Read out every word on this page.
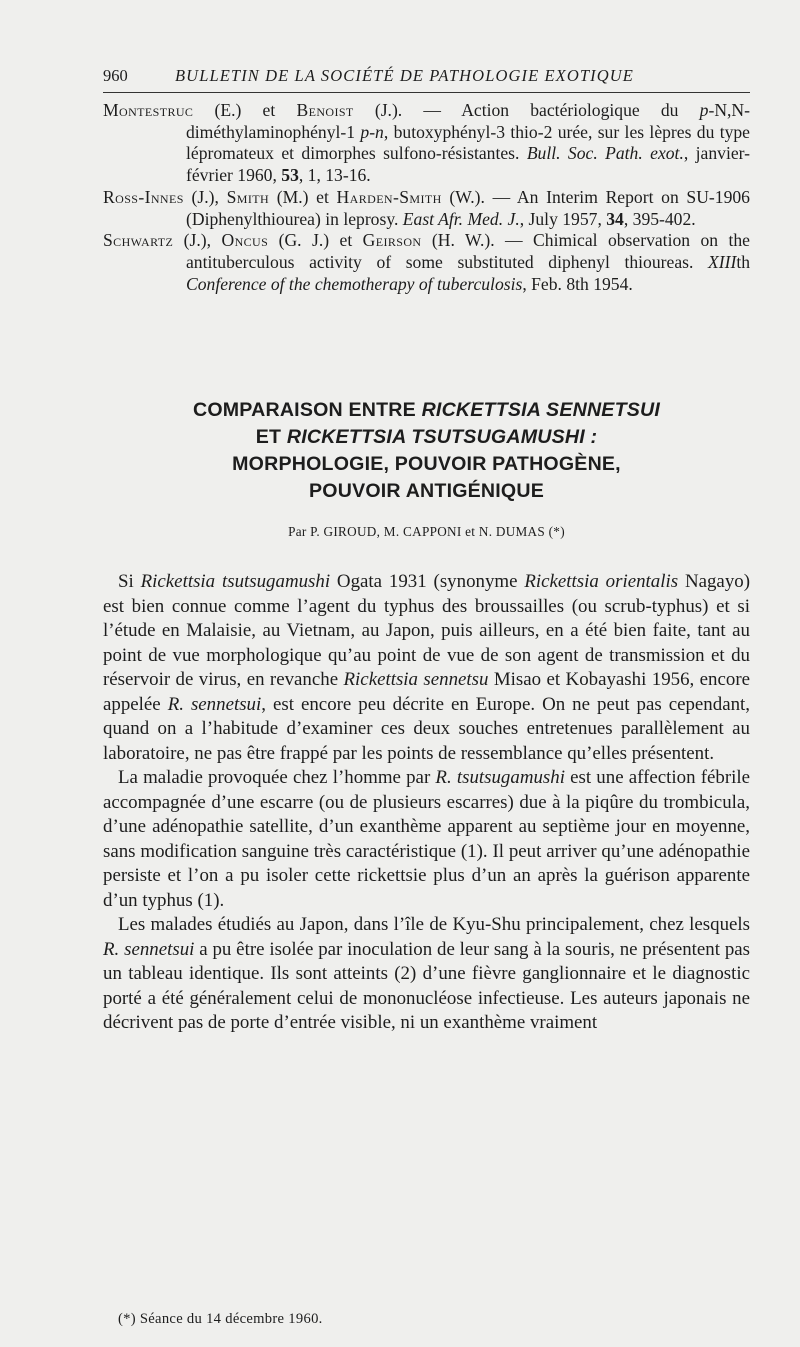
960	BULLETIN DE LA SOCIÉTÉ DE PATHOLOGIE EXOTIQUE

Montestruc (E.) et Benoist (J.). — Action bactériologique du p-N,N-diméthylaminophényl-1 p-n, butoxyphényl-3 thio-2 urée, sur les lèpres du type lépromateux et dimorphes sulfono-résistantes. Bull. Soc. Path. exot., janvier-février 1960, 53, 1, 13-16.

Ross-Innes (J.), Smith (M.) et Harden-Smith (W.). — An Interim Report on SU-1906 (Diphenylthiourea) in leprosy. East Afr. Med. J., July 1957, 34, 395-402.

Schwartz (J.), Oncus (G. J.) et Geirson (H. W.). — Chimical observation on the antituberculous activity of some substituted diphenyl thioureas. XIIIth Conference of the chemotherapy of tuberculosis, Feb. 8th 1954.

COMPARAISON ENTRE RICKETTSIA SENNETSUI
ET RICKETTSIA TSUTSUGAMUSHI :
MORPHOLOGIE, POUVOIR PATHOGÈNE,
POUVOIR ANTIGÉNIQUE
Par P. GIROUD, M. CAPPONI et N. DUMAS (*)

Si Rickettsia tsutsugamushi Ogata 1931 (synonyme Rickettsia orientalis Nagayo) est bien connue comme l’agent du typhus des broussailles (ou scrub-typhus) et si l’étude en Malaisie, au Vietnam, au Japon, puis ailleurs, en a été bien faite, tant au point de vue morphologique qu’au point de vue de son agent de transmission et du réservoir de virus, en revanche Rickettsia sennetsu Misao et Kobayashi 1956, encore appelée R. sennetsui, est encore peu décrite en Europe. On ne peut pas cependant, quand on a l’habitude d’examiner ces deux souches entretenues parallèlement au laboratoire, ne pas être frappé par les points de ressemblance qu’elles présentent.

La maladie provoquée chez l’homme par R. tsutsugamushi est une affection fébrile accompagnée d’une escarre (ou de plusieurs escarres) due à la piqûre du trombicula, d’une adénopathie satellite, d’un exanthème apparent au septième jour en moyenne, sans modification sanguine très caractéristique (1). Il peut arriver qu’une adénopathie persiste et l’on a pu isoler cette rickettsie plus d’un an après la guérison apparente d’un typhus (1).

Les malades étudiés au Japon, dans l’île de Kyu-Shu principalement, chez lesquels R. sennetsui a pu être isolée par inoculation de leur sang à la souris, ne présentent pas un tableau identique. Ils sont atteints (2) d’une fièvre ganglionnaire et le diagnostic porté a été généralement celui de mononucléose infectieuse. Les auteurs japonais ne décrivent pas de porte d’entrée visible, ni un exanthème vraiment

(*) Séance du 14 décembre 1960.
